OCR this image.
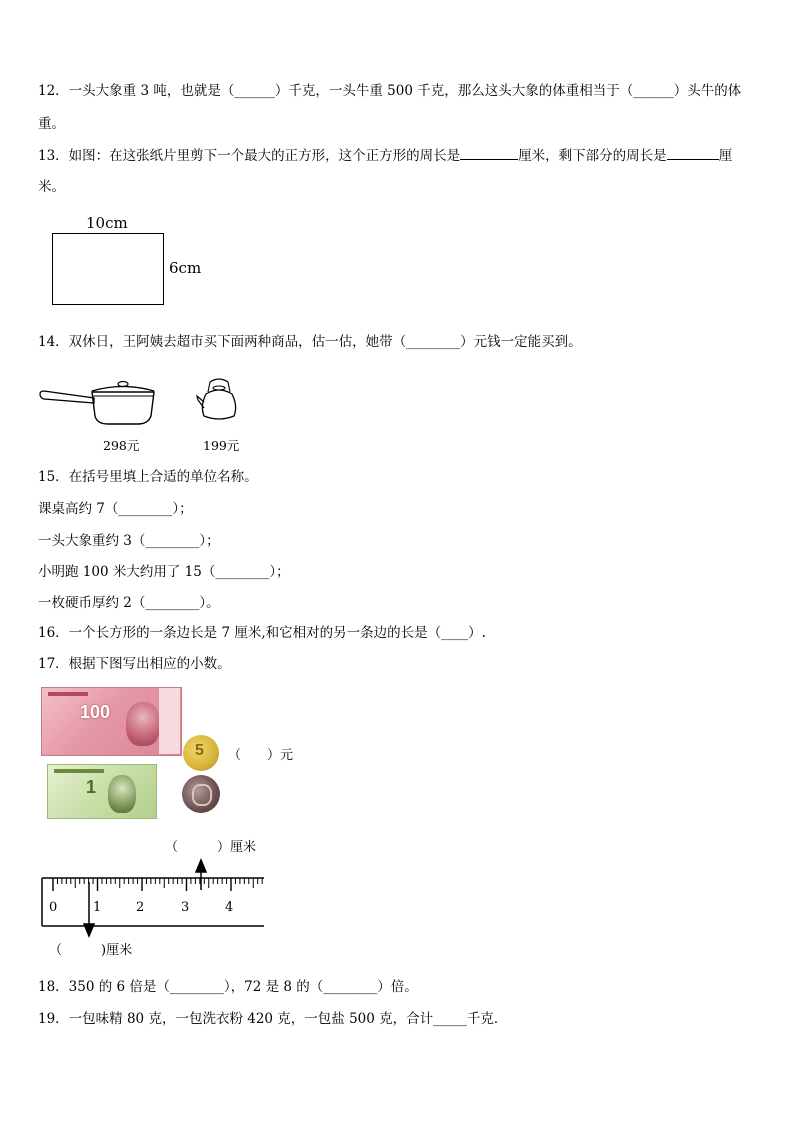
12．一头大象重 3 吨，也就是（______）千克，一头牛重 500 千克，那么这头大象的体重相当于（______）头牛的体
重。
13．如图：在这张纸片里剪下一个最大的正方形，这个正方形的周长是	厘米，剩下部分的周长是	厘
米。
10cm
6cm
14．双休日，王阿姨去超市买下面两种商品，估一估，她带（________）元钱一定能买到。
298元	199元
15．在括号里填上合适的单位名称。
课桌高约 7（________）；
一头大象重约 3（________）；
小明跑 100 米大约用了 15（________）；
一枚硬币厚约 2（________）。
16．一个长方形的一条边长是 7 厘米,和它相对的另一条边的长是（____）.
17．根据下图写出相应的小数。
100
5 （　　）元
1
（　　　）厘米
0	1	2	3	4
（　　　)厘米
18．350 的 6 倍是（________），72 是 8 的（________）倍。
19．一包味精 80 克，一包洗衣粉 420 克，一包盐 500 克，合计_____千克．
